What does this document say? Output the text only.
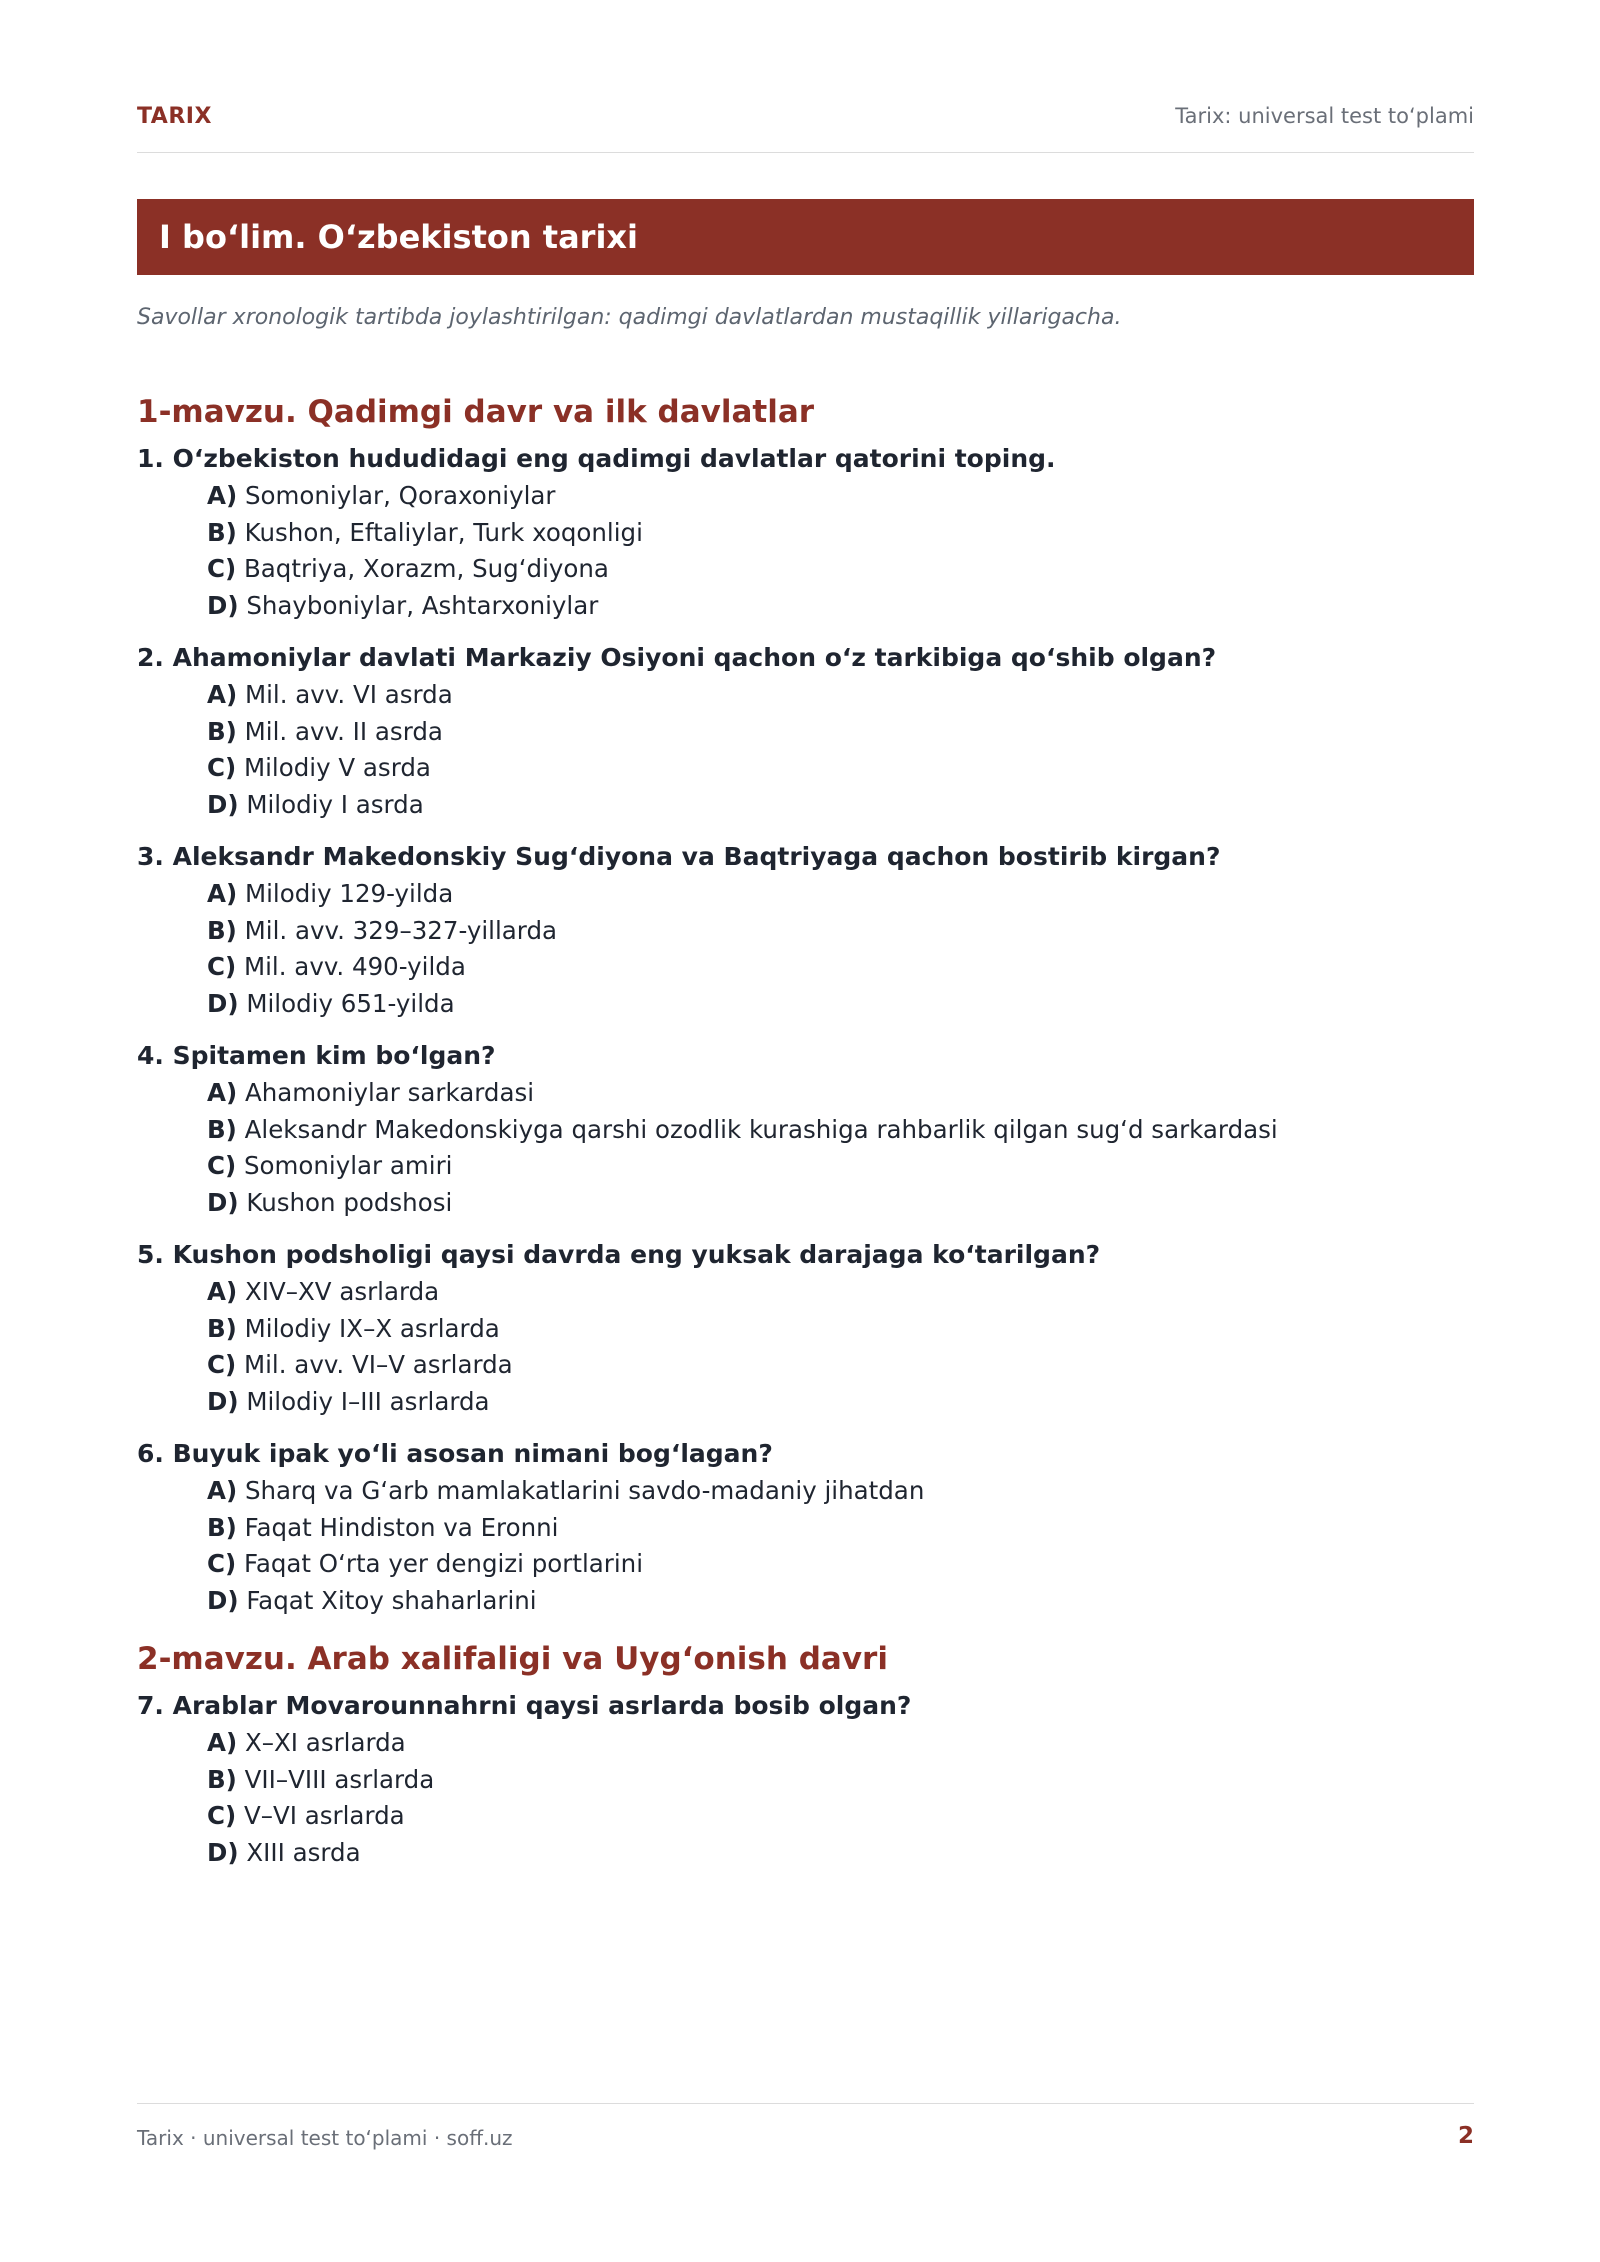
TARIX	Tarix: universal test to‘plami
I bo‘lim. O‘zbekiston tarixi
Savollar xronologik tartibda joylashtirilgan: qadimgi davlatlardan mustaqillik yillarigacha.
1-mavzu. Qadimgi davr va ilk davlatlar
1. O‘zbekiston hududidagi eng qadimgi davlatlar qatorini toping.
A) Somoniylar, Qoraxoniylar
B) Kushon, Eftaliylar, Turk xoqonligi
C) Baqtriya, Xorazm, Sug‘diyona
D) Shayboniylar, Ashtarxoniylar
2. Ahamoniylar davlati Markaziy Osiyoni qachon o‘z tarkibiga qo‘shib olgan?
A) Mil. avv. VI asrda
B) Mil. avv. II asrda
C) Milodiy V asrda
D) Milodiy I asrda
3. Aleksandr Makedonskiy Sug‘diyona va Baqtriyaga qachon bostirib kirgan?
A) Milodiy 129-yilda
B) Mil. avv. 329–327-yillarda
C) Mil. avv. 490-yilda
D) Milodiy 651-yilda
4. Spitamen kim bo‘lgan?
A) Ahamoniylar sarkardasi
B) Aleksandr Makedonskiyga qarshi ozodlik kurashiga rahbarlik qilgan sug‘d sarkardasi
C) Somoniylar amiri
D) Kushon podshosi
5. Kushon podsholigi qaysi davrda eng yuksak darajaga ko‘tarilgan?
A) XIV–XV asrlarda
B) Milodiy IX–X asrlarda
C) Mil. avv. VI–V asrlarda
D) Milodiy I–III asrlarda
6. Buyuk ipak yo‘li asosan nimani bog‘lagan?
A) Sharq va G‘arb mamlakatlarini savdo-madaniy jihatdan
B) Faqat Hindiston va Eronni
C) Faqat O‘rta yer dengizi portlarini
D) Faqat Xitoy shaharlarini
2-mavzu. Arab xalifaligi va Uyg‘onish davri
7. Arablar Movarounnahrni qaysi asrlarda bosib olgan?
A) X–XI asrlarda
B) VII–VIII asrlarda
C) V–VI asrlarda
D) XIII asrda
Tarix · universal test to‘plami · soff.uz	2
